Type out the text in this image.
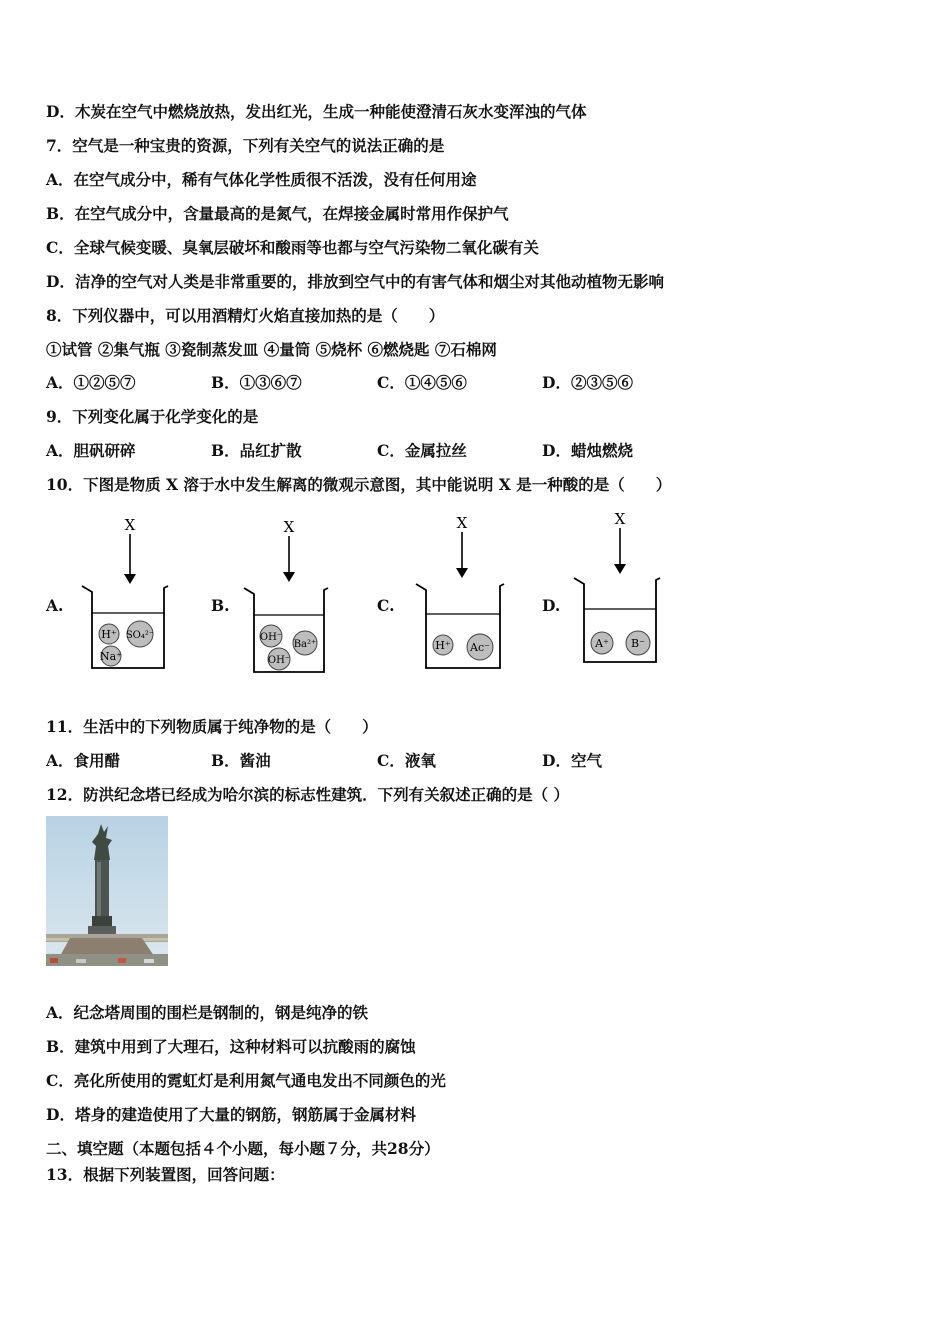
D．木炭在空气中燃烧放热，发出红光，生成一种能使澄清石灰水变浑浊的气体
7．空气是一种宝贵的资源，下列有关空气的说法正确的是
A．在空气成分中，稀有气体化学性质很不活泼，没有任何用途
B．在空气成分中，含量最高的是氮气，在焊接金属时常用作保护气
C．全球气候变暖、臭氧层破坏和酸雨等也都与空气污染物二氧化碳有关
D．洁净的空气对人类是非常重要的，排放到空气中的有害气体和烟尘对其他动植物无影响
8．下列仪器中，可以用酒精灯火焰直接加热的是（　　）
①试管 ②集气瓶 ③瓷制蒸发皿 ④量筒 ⑤烧杯 ⑥燃烧匙 ⑦石棉网
A．①②⑤⑦	B．①③⑥⑦	C．①④⑤⑥	D．②③⑤⑥
9．下列变化属于化学变化的是
A．胆矾研碎	B．品红扩散	C．金属拉丝	D．蜡烛燃烧
10．下图是物质 X 溶于水中发生解离的微观示意图，其中能说明 X 是一种酸的是（　　）
A.	B.	C.	D.
X
H⁺ SO₄²⁻
Na⁺
X
OH⁻
Ba²⁺
OH⁻
X
H⁺ Ac⁻
X
A⁺ B⁻
11．生活中的下列物质属于纯净物的是（　　）
A．食用醋	B．酱油	C．液氧	D．空气
12．防洪纪念塔已经成为哈尔滨的标志性建筑．下列有关叙述正确的是（ ）
A．纪念塔周围的围栏是钢制的，钢是纯净的铁
B．建筑中用到了大理石，这种材料可以抗酸雨的腐蚀
C．亮化所使用的霓虹灯是利用氮气通电发出不同颜色的光
D．塔身的建造使用了大量的钢筋，钢筋属于金属材料
二、填空题（本题包括４个小题，每小题７分，共28分）
13．根据下列装置图，回答问题：
